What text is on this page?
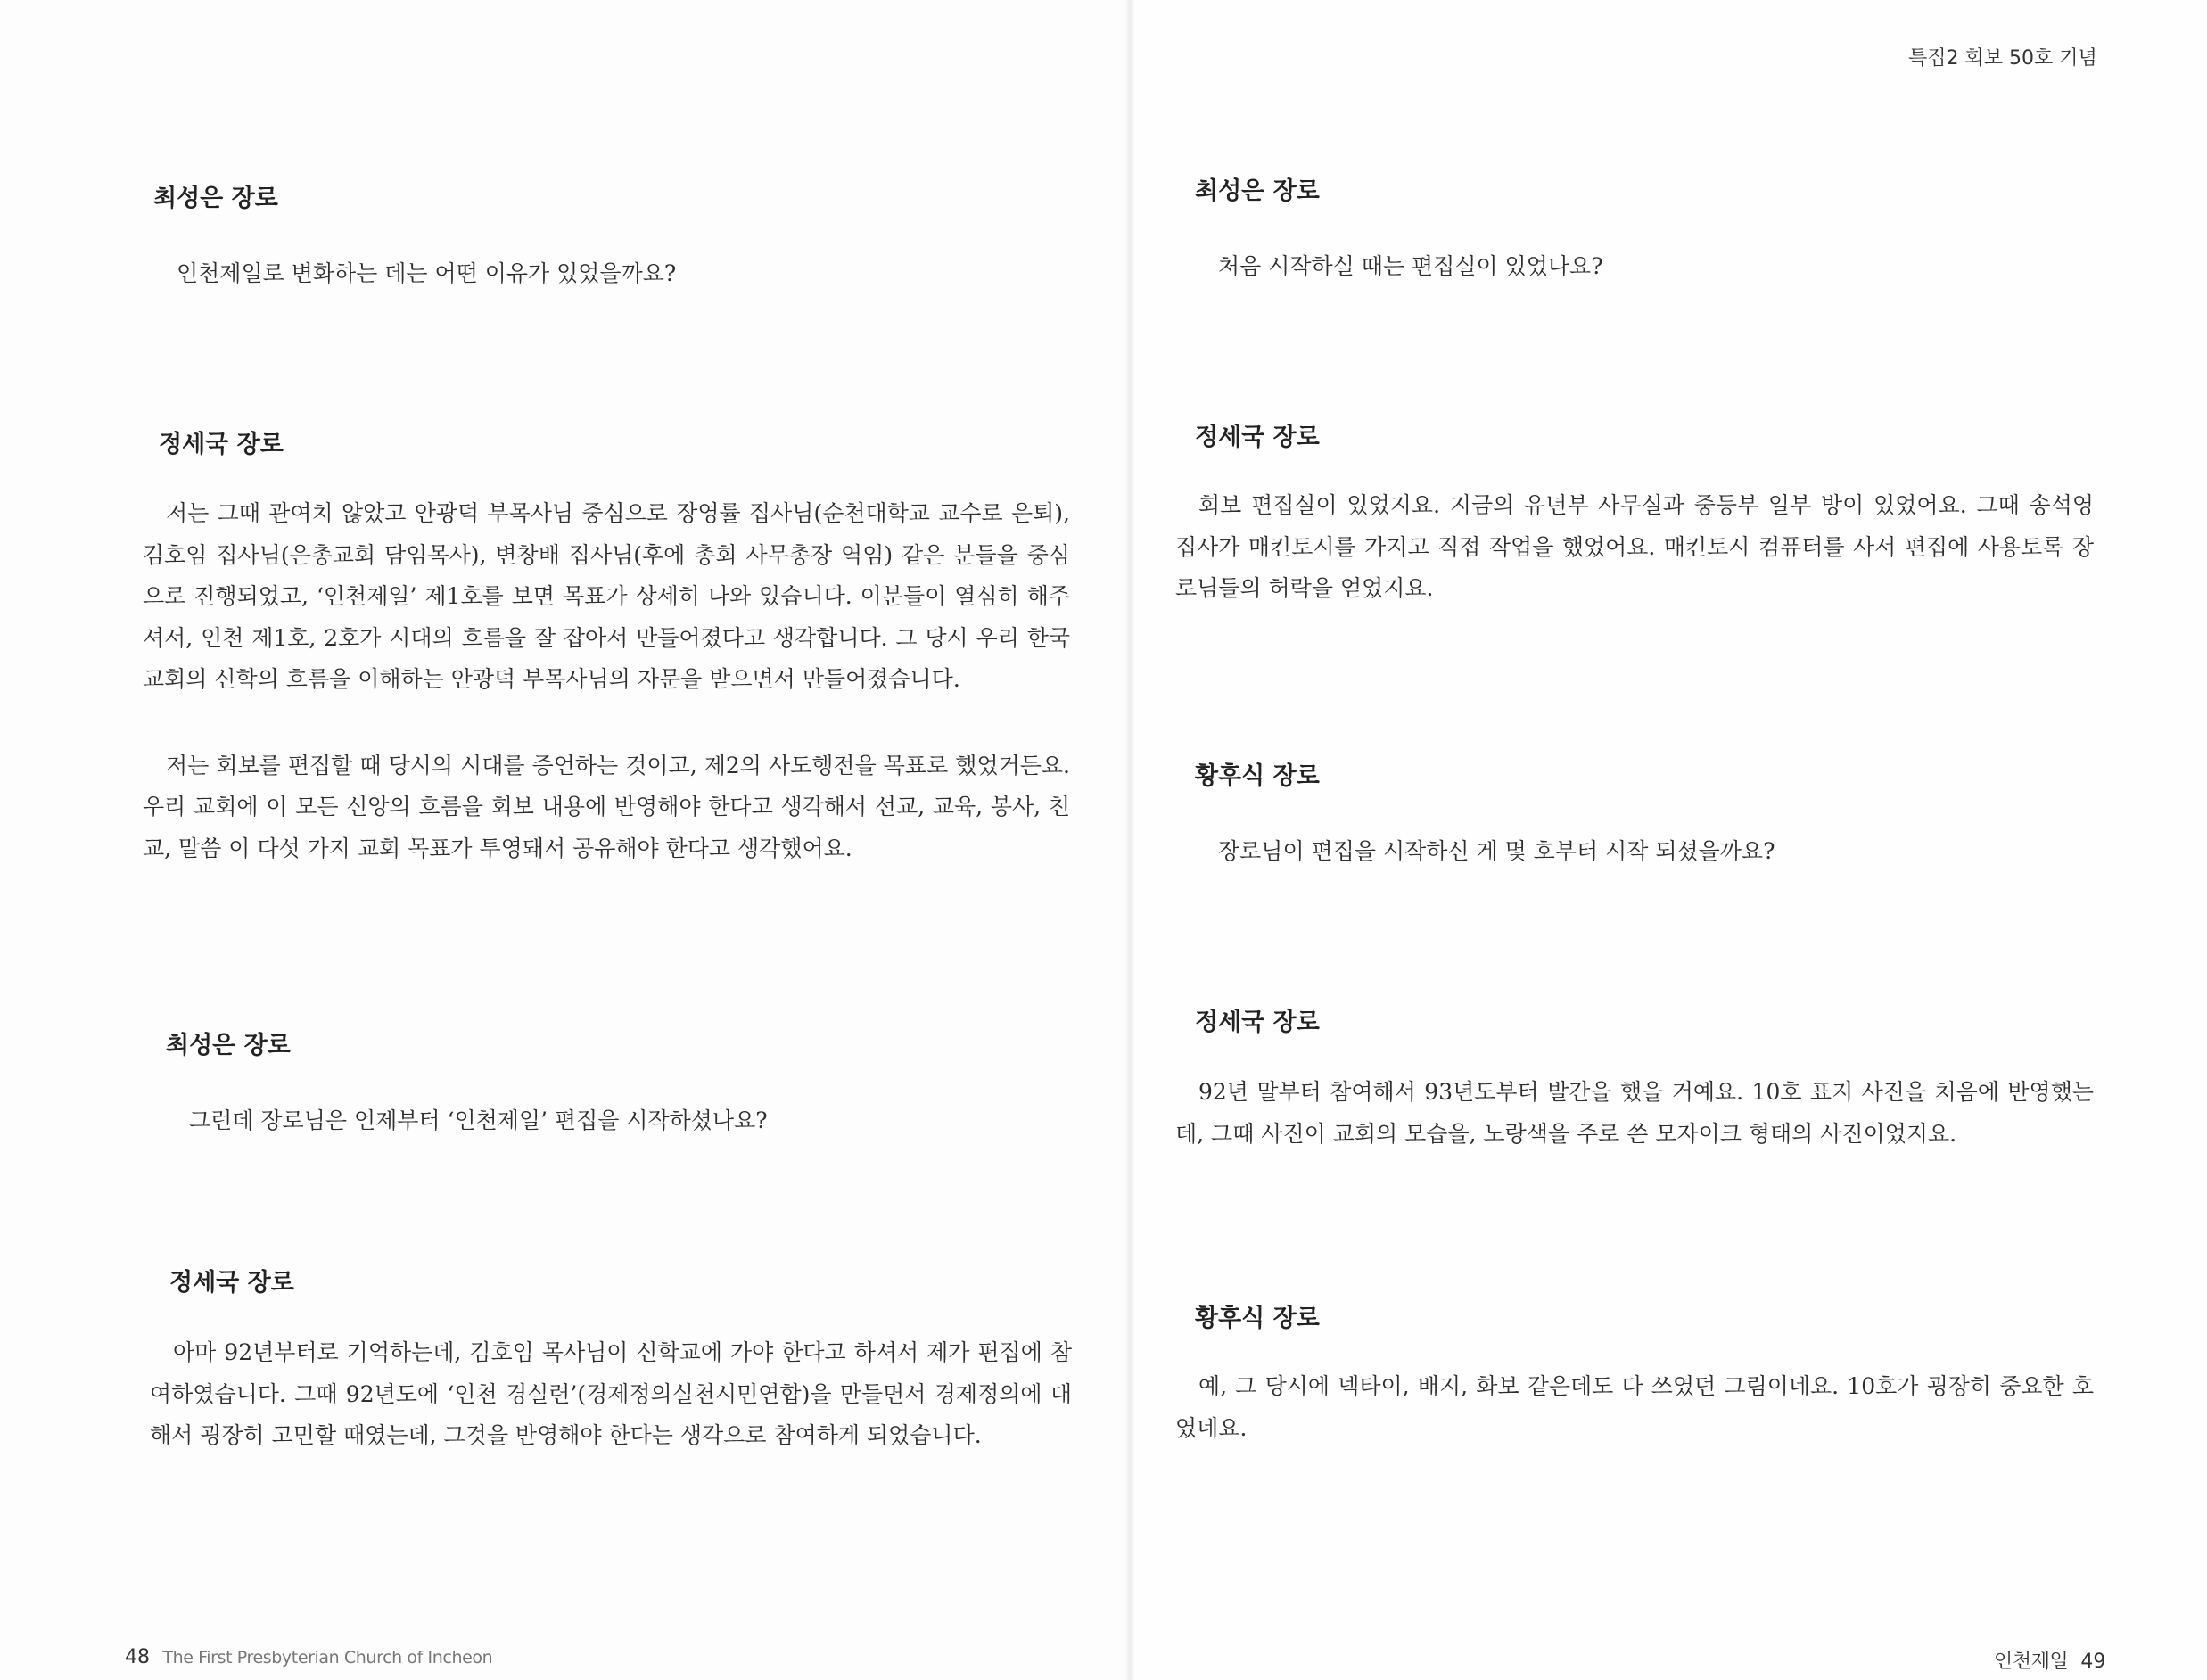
특집2 회보 50호 기념
최성은 장로

인천제일로 변화하는 데는 어떤 이유가 있었을까요?

정세국 장로

저는 그때 관여치 않았고 안광덕 부목사님 중심으로 장영률 집사님(순천대학교 교수로 은퇴), 김호임 집사님(은총교회 담임목사), 변창배 집사님(후에 총회 사무총장 역임) 같은 분들을 중심으로 진행되었고, ‘인천제일’ 제1호를 보면 목표가 상세히 나와 있습니다. 이분들이 열심히 해주셔서, 인천 제1호, 2호가 시대의 흐름을 잘 잡아서 만들어졌다고 생각합니다. 그 당시 우리 한국교회의 신학의 흐름을 이해하는 안광덕 부목사님의 자문을 받으면서 만들어졌습니다.

저는 회보를 편집할 때 당시의 시대를 증언하는 것이고, 제2의 사도행전을 목표로 했었거든요. 우리 교회에 이 모든 신앙의 흐름을 회보 내용에 반영해야 한다고 생각해서 선교, 교육, 봉사, 친교, 말씀 이 다섯 가지 교회 목표가 투영돼서 공유해야 한다고 생각했어요.

최성은 장로

그런데 장로님은 언제부터 ‘인천제일’ 편집을 시작하셨나요?

정세국 장로

아마 92년부터로 기억하는데, 김호임 목사님이 신학교에 가야 한다고 하셔서 제가 편집에 참여하였습니다. 그때 92년도에 ‘인천 경실련’(경제정의실천시민연합)을 만들면서 경제정의에 대해서 굉장히 고민할 때였는데, 그것을 반영해야 한다는 생각으로 참여하게 되었습니다.

48 The First Presbyterian Church of Incheon
최성은 장로

처음 시작하실 때는 편집실이 있었나요?

정세국 장로

회보 편집실이 있었지요. 지금의 유년부 사무실과 중등부 일부 방이 있었어요. 그때 송석영 집사가 매킨토시를 가지고 직접 작업을 했었어요. 매킨토시 컴퓨터를 사서 편집에 사용토록 장로님들의 허락을 얻었지요.

황후식 장로

장로님이 편집을 시작하신 게 몇 호부터 시작 되셨을까요?

정세국 장로

92년 말부터 참여해서 93년도부터 발간을 했을 거예요. 10호 표지 사진을 처음에 반영했는데, 그때 사진이 교회의 모습을, 노랑색을 주로 쓴 모자이크 형태의 사진이었지요.

황후식 장로

예, 그 당시에 넥타이, 배지, 화보 같은데도 다 쓰였던 그림이네요. 10호가 굉장히 중요한 호였네요.

인천제일 49
